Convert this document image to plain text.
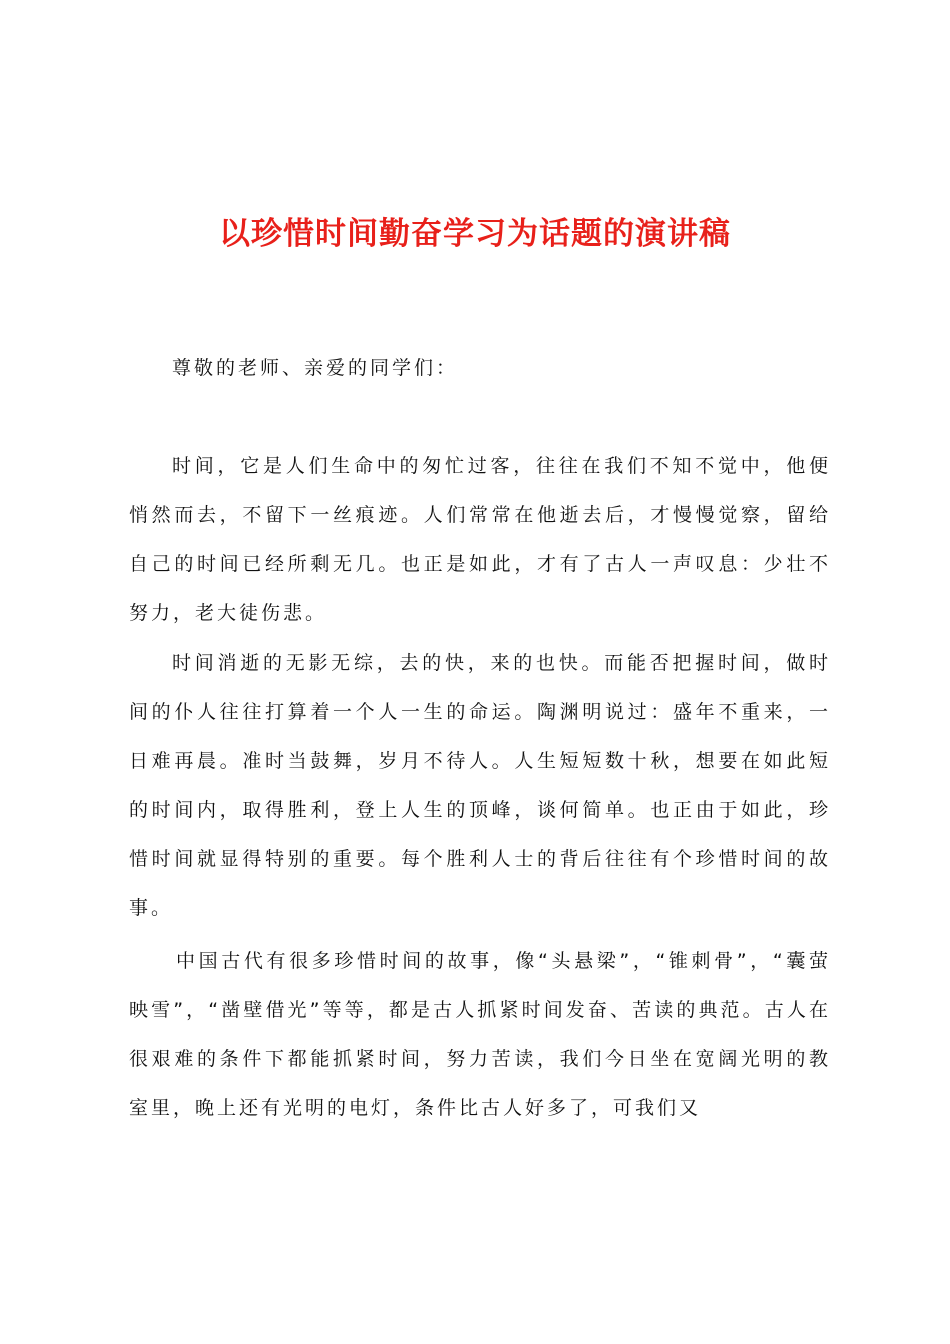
以珍惜时间勤奋学习为话题的演讲稿

尊敬的老师、亲爱的同学们：

时间，它是人们生命中的匆忙过客，往往在我们不知不觉中，他便悄然而去，不留下一丝痕迹。人们常常在他逝去后，才慢慢觉察，留给自己的时间已经所剩无几。也正是如此，才有了古人一声叹息：少壮不努力，老大徒伤悲。

时间消逝的无影无综，去的快，来的也快。而能否把握时间，做时间的仆人往往打算着一个人一生的命运。陶渊明说过：盛年不重来，一日难再晨。准时当鼓舞，岁月不待人。人生短短数十秋，想要在如此短的时间内，取得胜利，登上人生的顶峰，谈何简单。也正由于如此，珍惜时间就显得特别的重要。每个胜利人士的背后往往有个珍惜时间的故事。

中国古代有很多珍惜时间的故事，像“头悬梁”，“锥刺骨”，“囊萤映雪”，“凿壁借光”等等，都是古人抓紧时间发奋、苦读的典范。古人在很艰难的条件下都能抓紧时间，努力苦读，我们今日坐在宽阔光明的教室里，晚上还有光明的电灯，条件比古人好多了，可我们又
